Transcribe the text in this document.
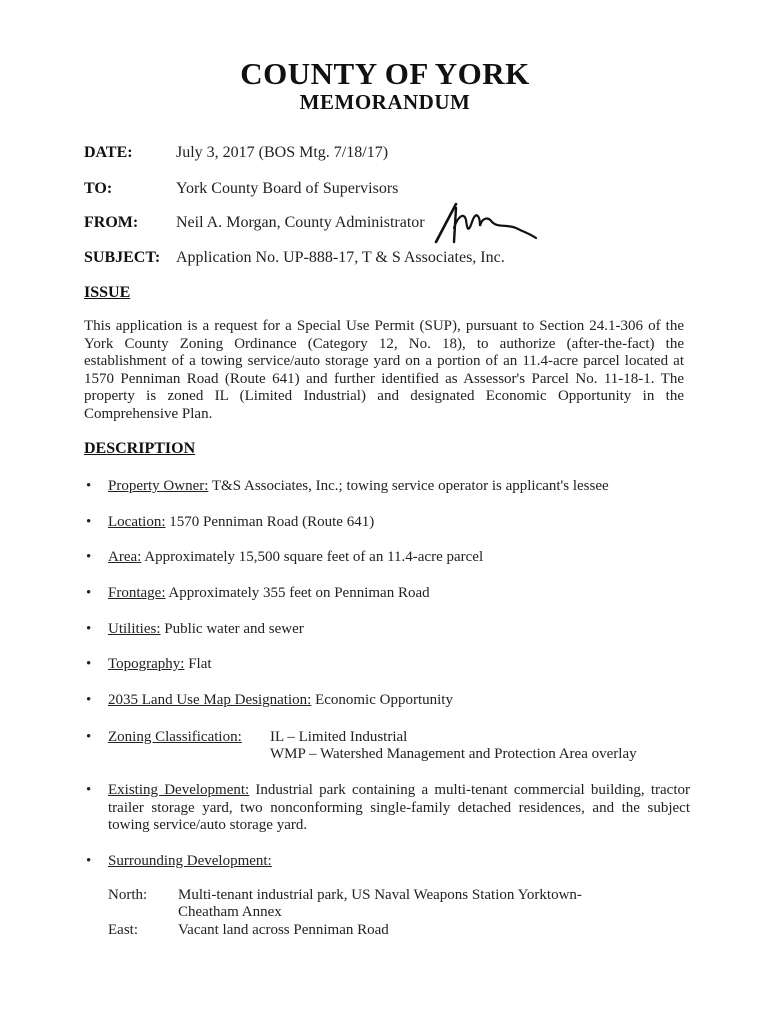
COUNTY OF YORK
MEMORANDUM
DATE:	July 3, 2017 (BOS Mtg. 7/18/17)
TO:	York County Board of Supervisors
FROM:	Neil A. Morgan, County Administrator
SUBJECT: Application No. UP-888-17, T & S Associates, Inc.
ISSUE
This application is a request for a Special Use Permit (SUP), pursuant to Section 24.1-306 of the York County Zoning Ordinance (Category 12, No. 18), to authorize (after-the-fact) the establishment of a towing service/auto storage yard on a portion of an 11.4-acre parcel located at 1570 Penniman Road (Route 641) and further identified as Assessor's Parcel No. 11-18-1. The property is zoned IL (Limited Industrial) and designated Economic Opportunity in the Comprehensive Plan.
DESCRIPTION
• Property Owner: T&S Associates, Inc.; towing service operator is applicant's lessee
• Location: 1570 Penniman Road (Route 641)
• Area: Approximately 15,500 square feet of an 11.4-acre parcel
• Frontage: Approximately 355 feet on Penniman Road
• Utilities: Public water and sewer
• Topography: Flat
• 2035 Land Use Map Designation: Economic Opportunity
• Zoning Classification: IL – Limited Industrial
WMP – Watershed Management and Protection Area overlay
• Existing Development: Industrial park containing a multi-tenant commercial building, tractor trailer storage yard, two nonconforming single-family detached residences, and the subject towing service/auto storage yard.
• Surrounding Development:
North:	Multi-tenant industrial park, US Naval Weapons Station Yorktown-Cheatham Annex
East:	Vacant land across Penniman Road
